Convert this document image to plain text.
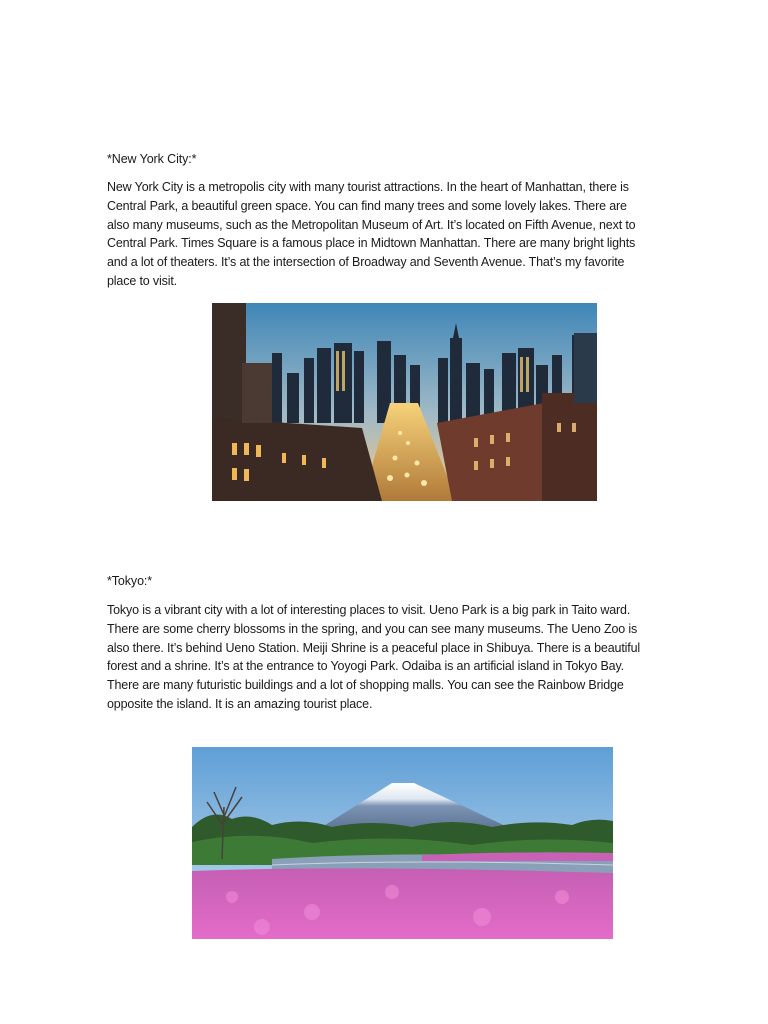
*New York City:*
New York City is a metropolis city with many tourist attractions. In the heart of Manhattan, there is
Central Park, a beautiful green space. You can find many trees and some lovely lakes. There are
also many museums, such as the Metropolitan Museum of Art. It’s located on Fifth Avenue, next to
Central Park. Times Square is a famous place in Midtown Manhattan. There are many bright lights
and a lot of theaters. It’s at the intersection of Broadway and Seventh Avenue. That’s my favorite
place to visit.
*Tokyo:*
Tokyo is a vibrant city with a lot of interesting places to visit. Ueno Park is a big park in Taito ward.
There are some cherry blossoms in the spring, and you can see many museums. The Ueno Zoo is
also there. It’s behind Ueno Station. Meiji Shrine is a peaceful place in Shibuya. There is a beautiful
forest and a shrine. It’s at the entrance to Yoyogi Park. Odaiba is an artificial island in Tokyo Bay.
There are many futuristic buildings and a lot of shopping malls. You can see the Rainbow Bridge
opposite the island. It is an amazing tourist place.
